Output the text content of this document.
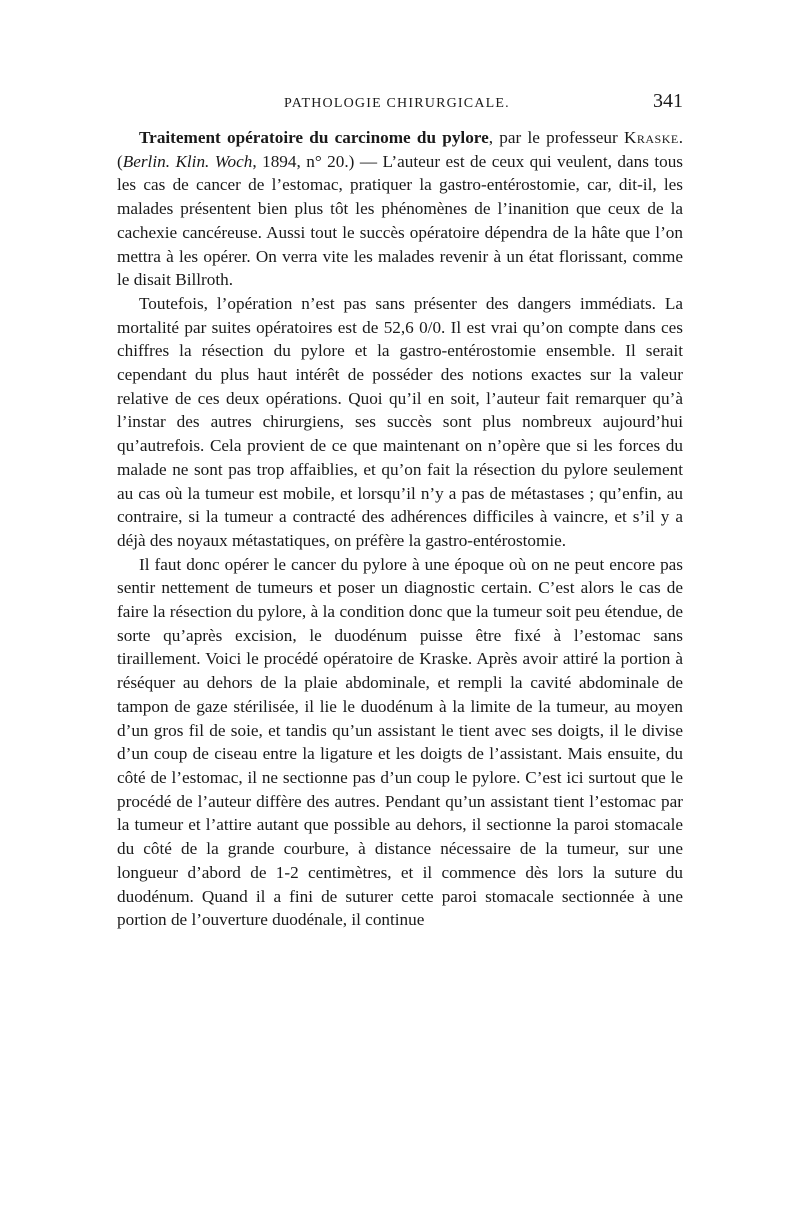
PATHOLOGIE CHIRURGICALE.	341

Traitement opératoire du carcinome du pylore, par le professeur Kraske. (Berlin. Klin. Woch, 1894, n° 20.) — L’auteur est de ceux qui veulent, dans tous les cas de cancer de l’estomac, pratiquer la gastro-entérostomie, car, dit-il, les malades présentent bien plus tôt les phénomènes de l’inanition que ceux de la cachexie cancéreuse. Aussi tout le succès opératoire dépendra de la hâte que l’on mettra à les opérer. On verra vite les malades revenir à un état florissant, comme le disait Billroth.

Toutefois, l’opération n’est pas sans présenter des dangers immédiats. La mortalité par suites opératoires est de 52,6 0/0. Il est vrai qu’on compte dans ces chiffres la résection du pylore et la gastro-entérostomie ensemble. Il serait cependant du plus haut intérêt de posséder des notions exactes sur la valeur relative de ces deux opérations. Quoi qu’il en soit, l’auteur fait remarquer qu’à l’instar des autres chirurgiens, ses succès sont plus nombreux aujourd’hui qu’autrefois. Cela provient de ce que maintenant on n’opère que si les forces du malade ne sont pas trop affaiblies, et qu’on fait la résection du pylore seulement au cas où la tumeur est mobile, et lorsqu’il n’y a pas de métastases ; qu’enfin, au contraire, si la tumeur a contracté des adhérences difficiles à vaincre, et s’il y a déjà des noyaux métastatiques, on préfère la gastro-entérostomie.

Il faut donc opérer le cancer du pylore à une époque où on ne peut encore pas sentir nettement de tumeurs et poser un diagnostic certain. C’est alors le cas de faire la résection du pylore, à la condition donc que la tumeur soit peu étendue, de sorte qu’après excision, le duodénum puisse être fixé à l’estomac sans tiraillement. Voici le procédé opératoire de Kraske. Après avoir attiré la portion à réséquer au dehors de la plaie abdominale, et rempli la cavité abdominale de tampon de gaze stérilisée, il lie le duodénum à la limite de la tumeur, au moyen d’un gros fil de soie, et tandis qu’un assistant le tient avec ses doigts, il le divise d’un coup de ciseau entre la ligature et les doigts de l’assistant. Mais ensuite, du côté de l’estomac, il ne sectionne pas d’un coup le pylore. C’est ici surtout que le procédé de l’auteur diffère des autres. Pendant qu’un assistant tient l’estomac par la tumeur et l’attire autant que possible au dehors, il sectionne la paroi stomacale du côté de la grande courbure, à distance nécessaire de la tumeur, sur une longueur d’abord de 1-2 centimètres, et il commence dès lors la suture du duodénum. Quand il a fini de suturer cette paroi stomacale sectionnée à une portion de l’ouverture duodénale, il continue
